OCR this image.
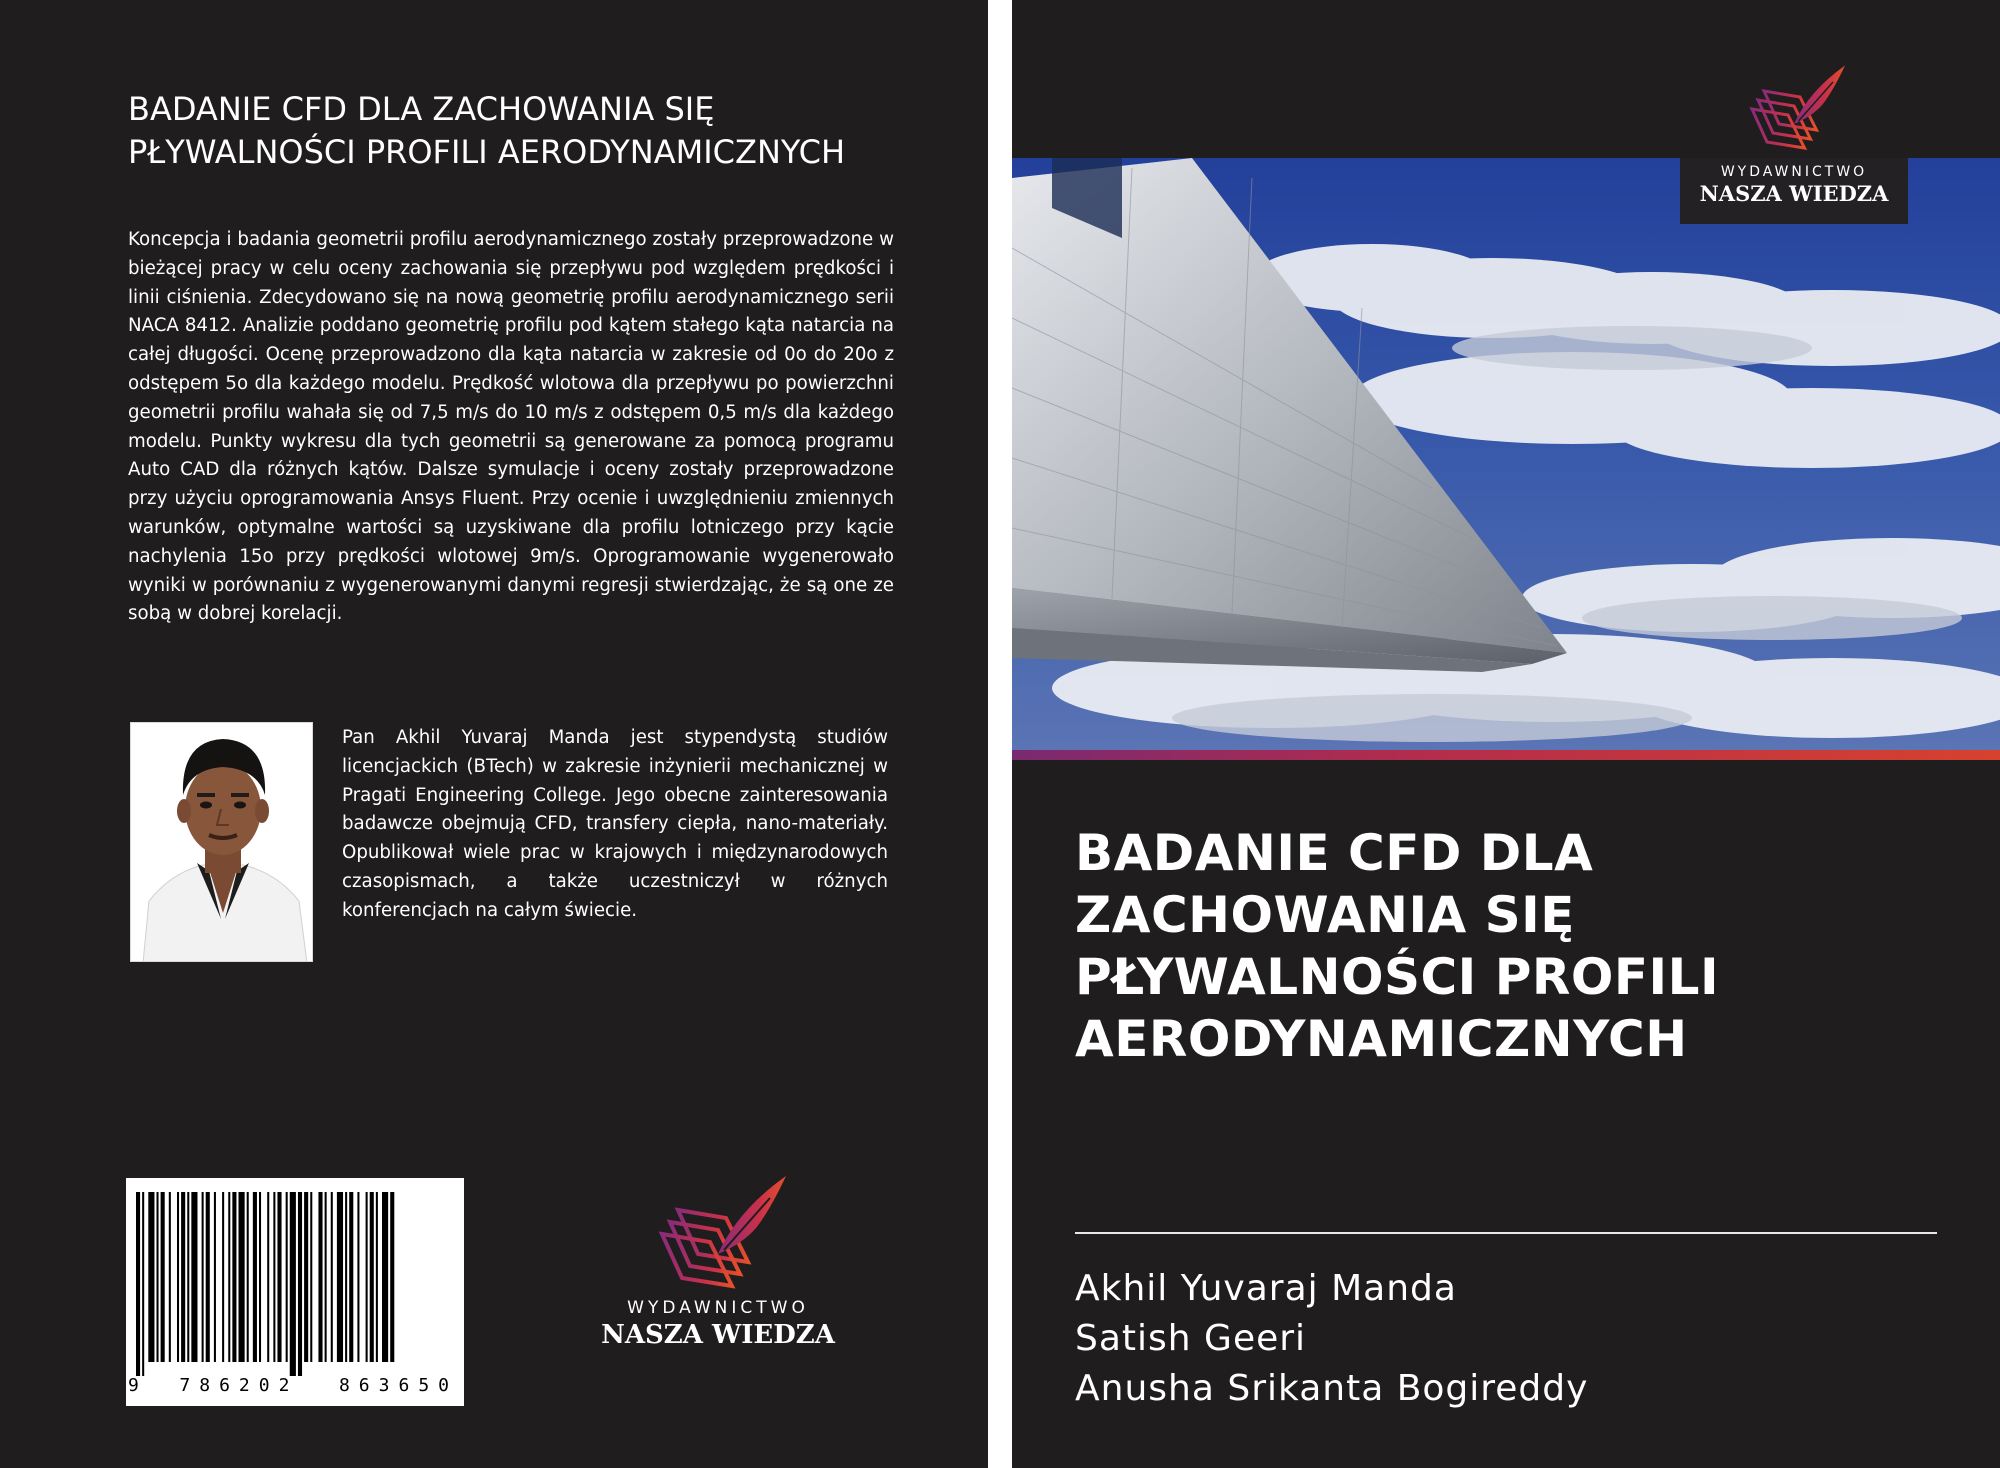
BADANIE CFD DLA ZACHOWANIA SIĘ PŁYWALNOŚCI PROFILI AERODYNAMICZNYCH

Koncepcja i badania geometrii profilu aerodynamicznego zostały przeprowadzone w bieżącej pracy w celu oceny zachowania się przepływu pod względem prędkości i linii ciśnienia. Zdecydowano się na nową geometrię profilu aerodynamicznego serii NACA 8412. Analizie poddano geometrię profilu pod kątem stałego kąta natarcia na całej długości. Ocenę przeprowadzono dla kąta natarcia w zakresie od 0o do 20o z odstępem 5o dla każdego modelu. Prędkość wlotowa dla przepływu po powierzchni geometrii profilu wahała się od 7,5 m/s do 10 m/s z odstępem 0,5 m/s dla każdego modelu. Punkty wykresu dla tych geometrii są generowane za pomocą programu Auto CAD dla różnych kątów. Dalsze symulacje i oceny zostały przeprowadzone przy użyciu oprogramowania Ansys Fluent. Przy ocenie i uwzględnieniu zmiennych warunków, optymalne wartości są uzyskiwane dla profilu lotniczego przy kącie nachylenia 15o przy prędkości wlotowej 9m/s. Oprogramowanie wygenerowało wyniki w porównaniu z wygenerowanymi danymi regresji stwierdzając, że są one ze sobą w dobrej korelacji.

Pan Akhil Yuvaraj Manda jest stypendystą studiów licencjackich (BTech) w zakresie inżynierii mechanicznej w Pragati Engineering College. Jego obecne zainteresowania badawcze obejmują CFD, transfery ciepła, nano-materiały. Opublikował wiele prac w krajowych i międzynarodowych czasopismach, a także uczestniczył w różnych konferencjach na całym świecie.

9 786202 863650
WYDAWNICTWO
NASZA WIEDZA
BADANIE CFD DLA
ZACHOWANIA SIĘ
PŁYWALNOŚCI PROFILI
AERODYNAMICZNYCH
Akhil Yuvaraj Manda
Satish Geeri
Anusha Srikanta Bogireddy
WYDAWNICTWO
NASZA WIEDZA
